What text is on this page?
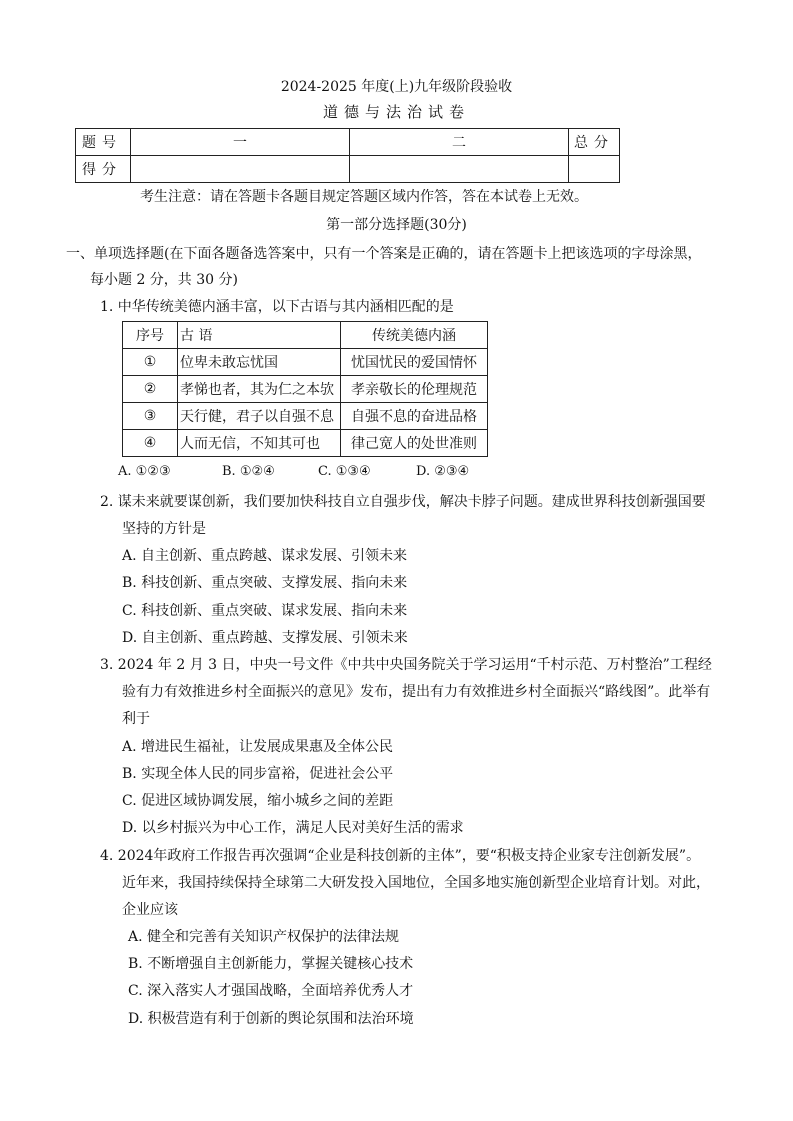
2024-2025 年度(上)九年级阶段验收
道德与法治试卷
题号	一	二	总分
得分			
考生注意：请在答题卡各题目规定答题区域内作答，答在本试卷上无效。
第一部分选择题(30分)
一、单项选择题(在下面各题备选答案中，只有一个答案是正确的，请在答题卡上把该选项的字母涂黑，
每小题 2 分，共 30 分)
1. 中华传统美德内涵丰富，以下古语与其内涵相匹配的是
序号	古 语	传统美德内涵
①	位卑未敢忘忧国	忧国忧民的爱国情怀
②	孝悌也者，其为仁之本欤	孝亲敬长的伦理规范
③	天行健，君子以自强不息	自强不息的奋进品格
④	人而无信，不知其可也	律己宽人的处世准则
A. ①②③	B. ①②④	C. ①③④	D. ②③④
2. 谋未来就要谋创新，我们要加快科技自立自强步伐，解决卡脖子问题。建成世界科技创新强国要
坚持的方针是
A. 自主创新、重点跨越、谋求发展、引领未来
B. 科技创新、重点突破、支撑发展、指向未来
C. 科技创新、重点突破、谋求发展、指向未来
D. 自主创新、重点跨越、支撑发展、引领未来
3. 2024 年 2 月 3 日，中央一号文件《中共中央国务院关于学习运用“千村示范、万村整治”工程经
验有力有效推进乡村全面振兴的意见》发布，提出有力有效推进乡村全面振兴“路线图”。此举有
利于
A. 增进民生福祉，让发展成果惠及全体公民
B. 实现全体人民的同步富裕，促进社会公平
C. 促进区域协调发展，缩小城乡之间的差距
D. 以乡村振兴为中心工作，满足人民对美好生活的需求
4. 2024年政府工作报告再次强调“企业是科技创新的主体”，要“积极支持企业家专注创新发展”。
近年来，我国持续保持全球第二大研发投入国地位，全国多地实施创新型企业培育计划。对此，
企业应该
A. 健全和完善有关知识产权保护的法律法规
B. 不断增强自主创新能力，掌握关键核心技术
C. 深入落实人才强国战略，全面培养优秀人才
D. 积极营造有利于创新的舆论氛围和法治环境
